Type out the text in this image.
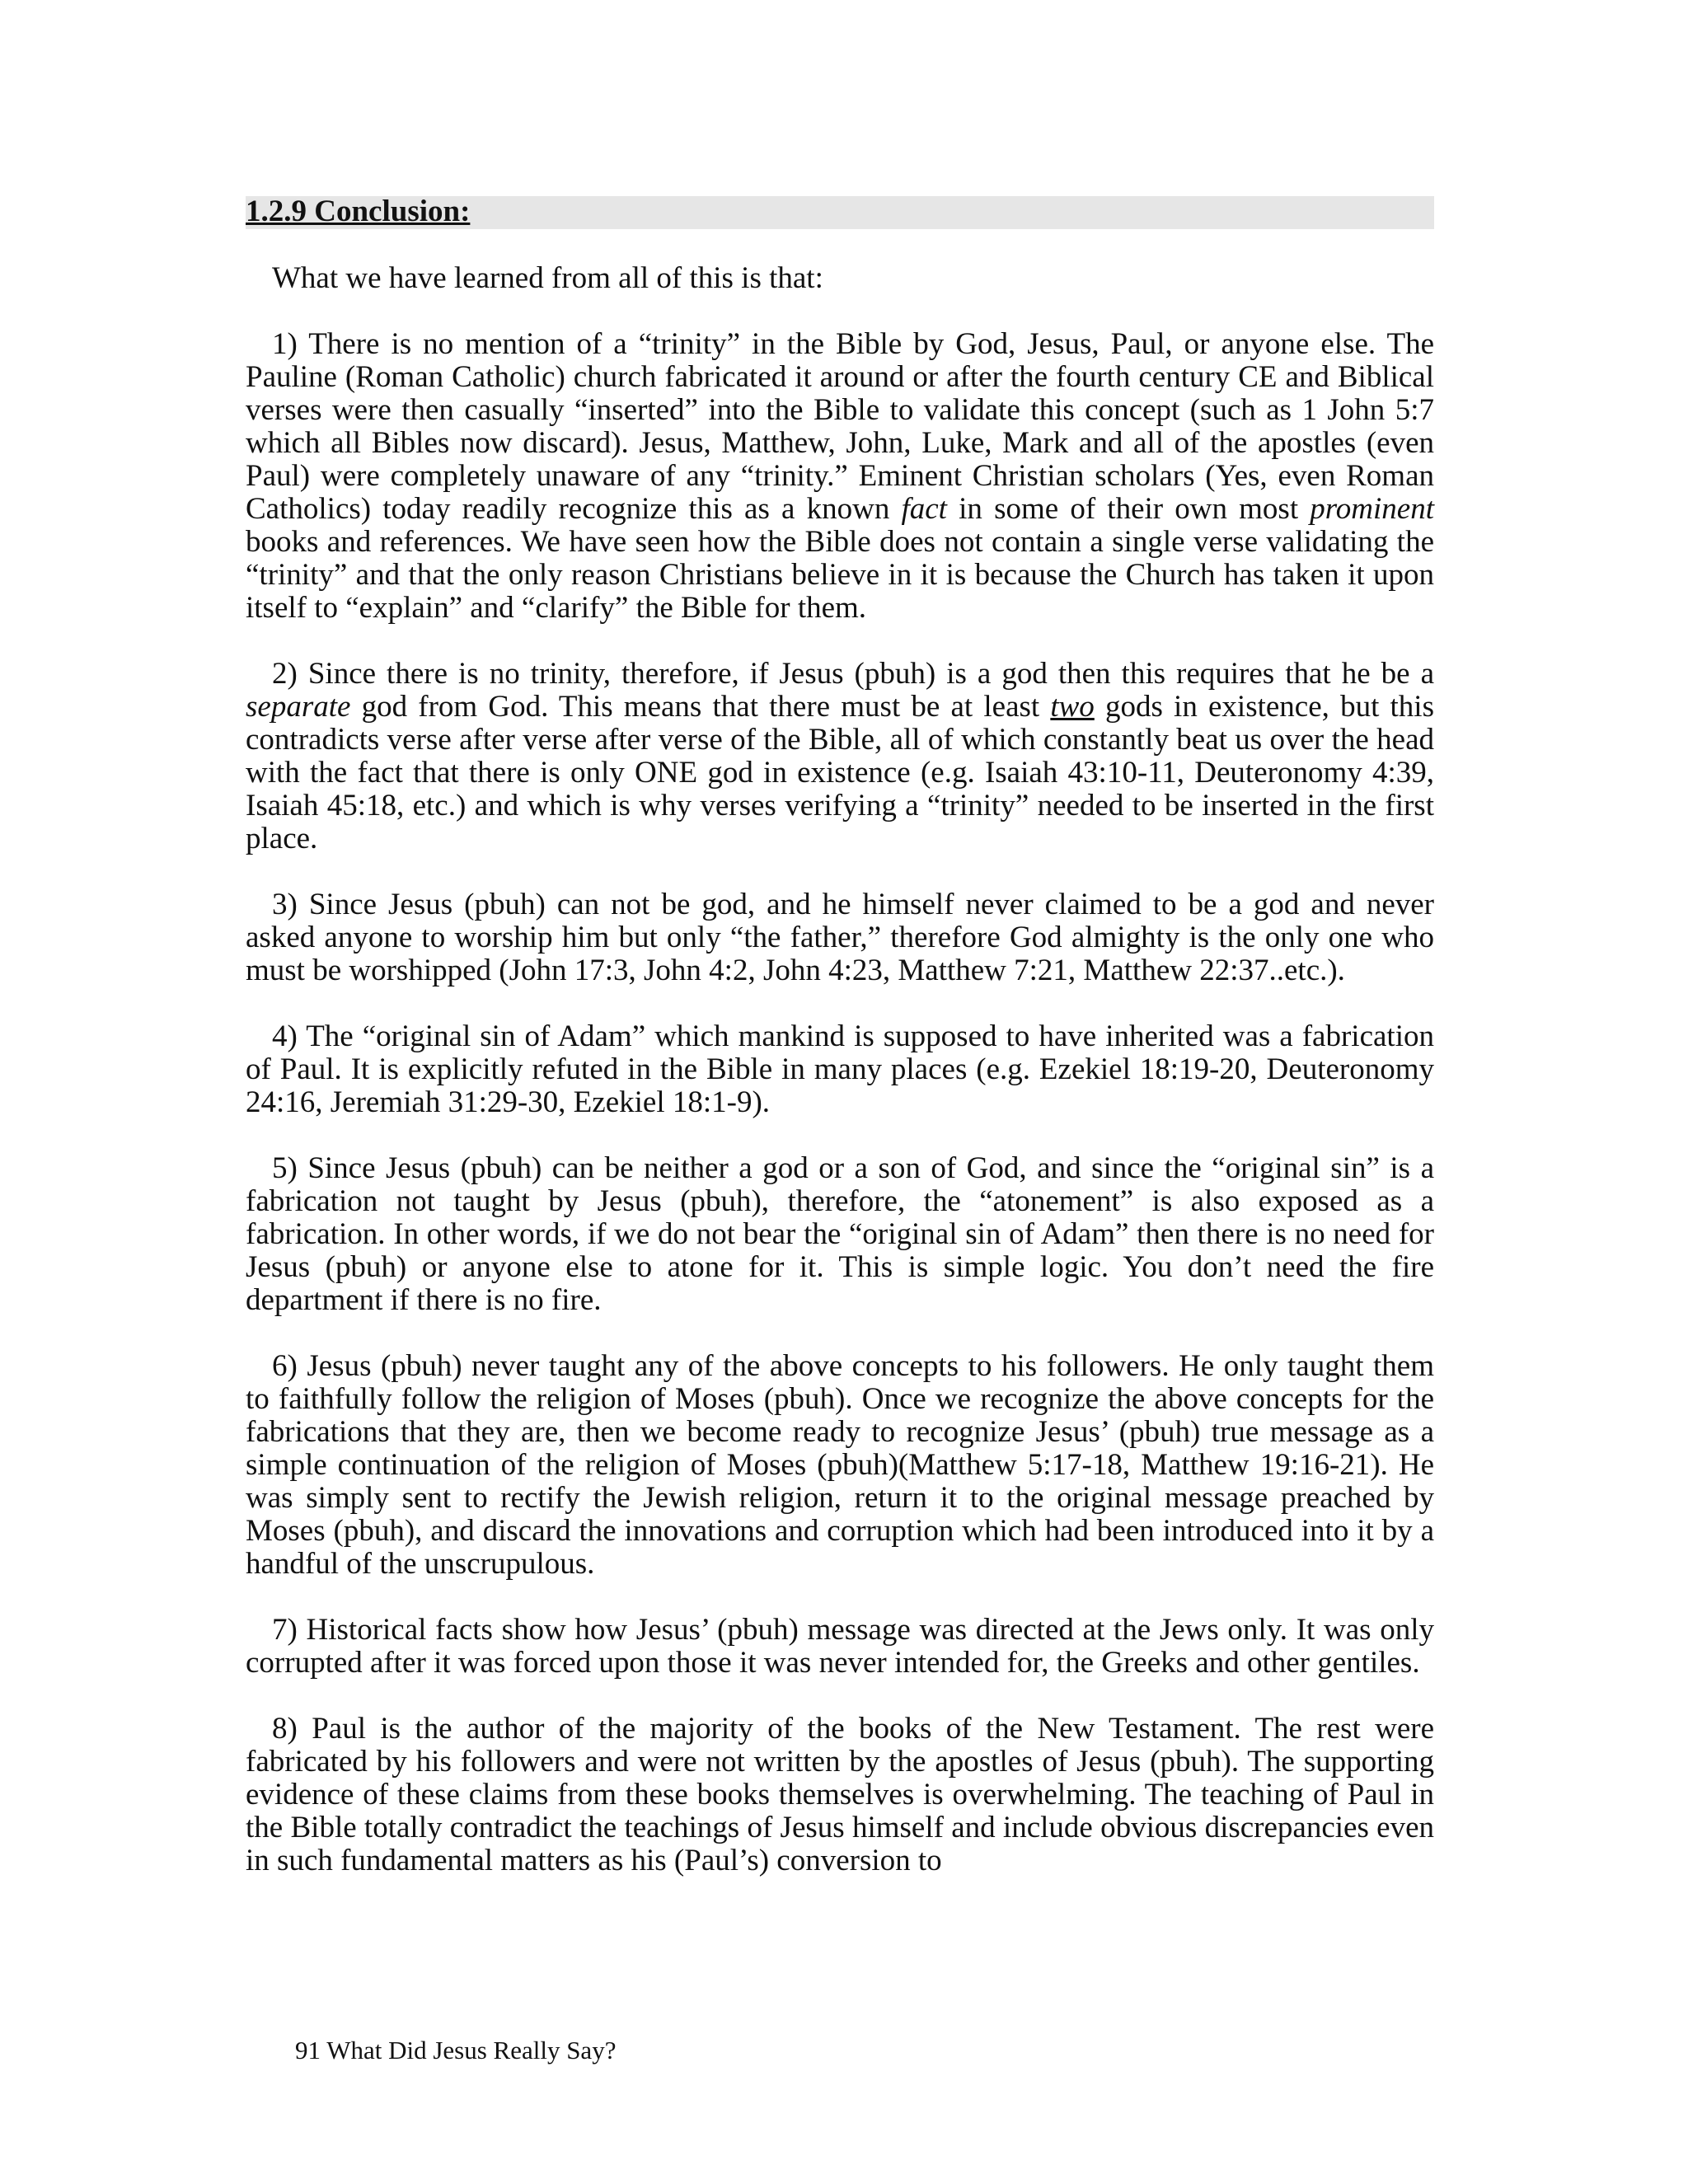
1.2.9 Conclusion:

What we have learned from all of this is that:

1) There is no mention of a “trinity” in the Bible by God, Jesus, Paul, or anyone else. The Pauline (Roman Catholic) church fabricated it around or after the fourth century CE and Biblical verses were then casually “inserted” into the Bible to validate this concept (such as 1 John 5:7 which all Bibles now discard). Jesus, Matthew, John, Luke, Mark and all of the apostles (even Paul) were completely unaware of any “trinity.” Eminent Christian scholars (Yes, even Roman Catholics) today readily recognize this as a known fact in some of their own most prominent books and references. We have seen how the Bible does not contain a single verse validating the “trinity” and that the only reason Christians believe in it is because the Church has taken it upon itself to “explain” and “clarify” the Bible for them.

2) Since there is no trinity, therefore, if Jesus (pbuh) is a god then this requires that he be a separate god from God. This means that there must be at least two gods in existence, but this contradicts verse after verse after verse of the Bible, all of which constantly beat us over the head with the fact that there is only ONE god in existence (e.g. Isaiah 43:10-11, Deuteronomy 4:39, Isaiah 45:18, etc.) and which is why verses verifying a “trinity” needed to be inserted in the first place.

3) Since Jesus (pbuh) can not be god, and he himself never claimed to be a god and never asked anyone to worship him but only “the father,” therefore God almighty is the only one who must be worshipped (John 17:3, John 4:2, John 4:23, Matthew 7:21, Matthew 22:37..etc.).

4) The “original sin of Adam” which mankind is supposed to have inherited was a fabrication of Paul. It is explicitly refuted in the Bible in many places (e.g. Ezekiel 18:19-20, Deuteronomy 24:16, Jeremiah 31:29-30, Ezekiel 18:1-9).

5) Since Jesus (pbuh) can be neither a god or a son of God, and since the “original sin” is a fabrication not taught by Jesus (pbuh), therefore, the “atonement” is also exposed as a fabrication. In other words, if we do not bear the “original sin of Adam” then there is no need for Jesus (pbuh) or anyone else to atone for it. This is simple logic. You don’t need the fire department if there is no fire.

6) Jesus (pbuh) never taught any of the above concepts to his followers. He only taught them to faithfully follow the religion of Moses (pbuh). Once we recognize the above concepts for the fabrications that they are, then we become ready to recognize Jesus’ (pbuh) true message as a simple continuation of the religion of Moses (pbuh)(Matthew 5:17-18, Matthew 19:16-21). He was simply sent to rectify the Jewish religion, return it to the original message preached by Moses (pbuh), and discard the innovations and corruption which had been introduced into it by a handful of the unscrupulous.

7) Historical facts show how Jesus’ (pbuh) message was directed at the Jews only. It was only corrupted after it was forced upon those it was never intended for, the Greeks and other gentiles.

8) Paul is the author of the majority of the books of the New Testament. The rest were fabricated by his followers and were not written by the apostles of Jesus (pbuh). The supporting evidence of these claims from these books themselves is overwhelming. The teaching of Paul in the Bible totally contradict the teachings of Jesus himself and include obvious discrepancies even in such fundamental matters as his (Paul’s) conversion to

91 What Did Jesus Really Say?
